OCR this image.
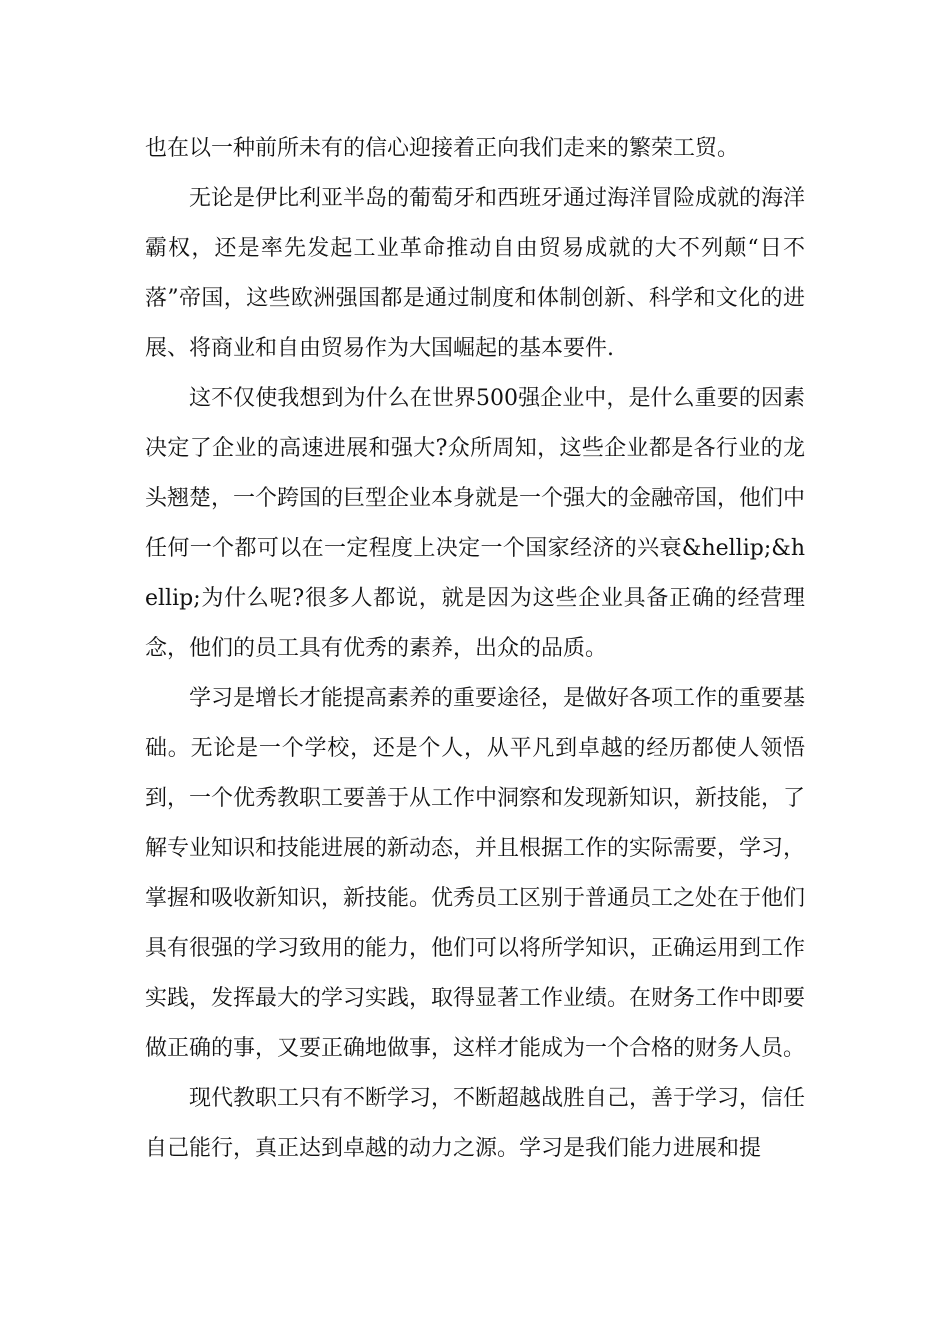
也在以一种前所未有的信心迎接着正向我们走来的繁荣工贸。

无论是伊比利亚半岛的葡萄牙和西班牙通过海洋冒险成就的海洋霸权，还是率先发起工业革命推动自由贸易成就的大不列颠“日不落”帝国，这些欧洲强国都是通过制度和体制创新、科学和文化的进展、将商业和自由贸易作为大国崛起的基本要件.

这不仅使我想到为什么在世界500强企业中，是什么重要的因素决定了企业的高速进展和强大?众所周知，这些企业都是各行业的龙头翘楚，一个跨国的巨型企业本身就是一个强大的金融帝国，他们中任何一个都可以在一定程度上决定一个国家经济的兴衰&hellip;&hellip;为什么呢?很多人都说，就是因为这些企业具备正确的经营理念，他们的员工具有优秀的素养，出众的品质。

学习是增长才能提高素养的重要途径，是做好各项工作的重要基础。无论是一个学校，还是个人，从平凡到卓越的经历都使人领悟到，一个优秀教职工要善于从工作中洞察和发现新知识，新技能，了解专业知识和技能进展的新动态，并且根据工作的实际需要，学习，掌握和吸收新知识，新技能。优秀员工区别于普通员工之处在于他们具有很强的学习致用的能力，他们可以将所学知识，正确运用到工作实践，发挥最大的学习实践，取得显著工作业绩。在财务工作中即要做正确的事，又要正确地做事，这样才能成为一个合格的财务人员。

现代教职工只有不断学习，不断超越战胜自己，善于学习，信任自己能行，真正达到卓越的动力之源。学习是我们能力进展和提
